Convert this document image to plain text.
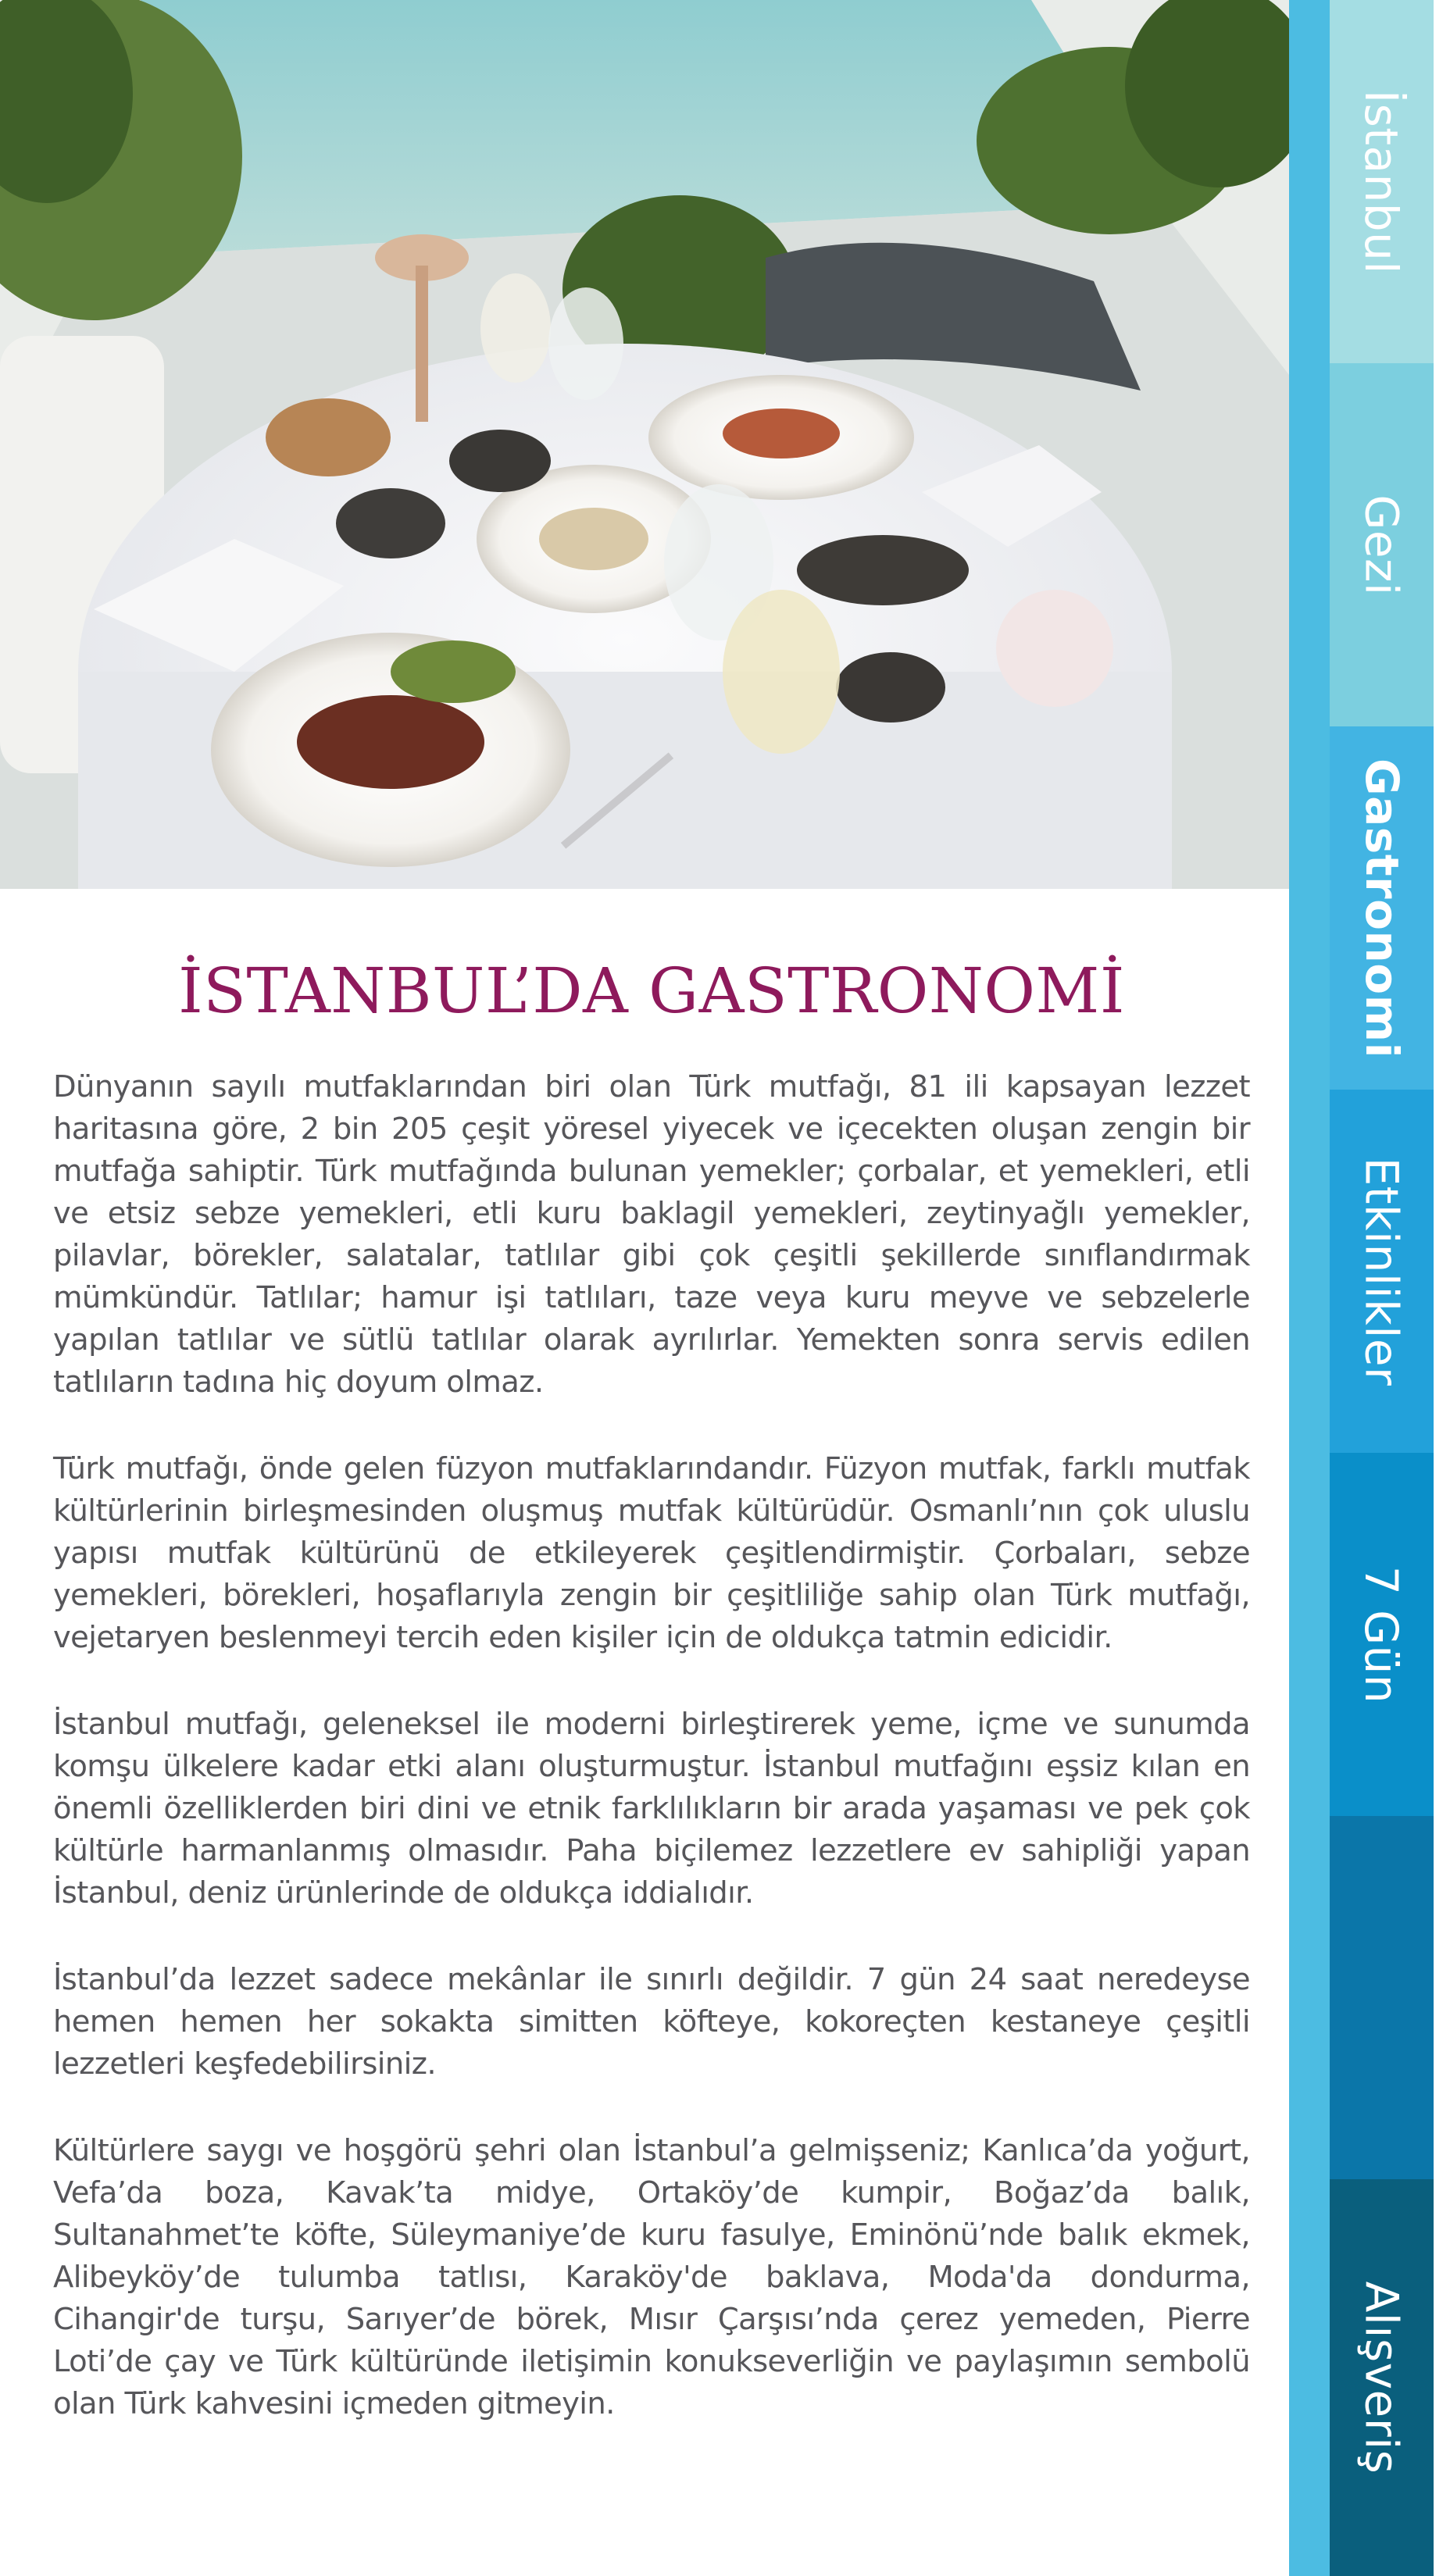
İstanbul
Gezi
Gastronomi
Etkinlikler
7 Gün
Alışveriş
İSTANBUL’DA GASTRONOMİ

Dünyanın sayılı mutfaklarından biri olan Türk mutfağı, 81 ili kapsayan lezzet haritasına göre, 2 bin 205 çeşit yöresel yiyecek ve içecekten oluşan zengin bir mutfağa sahiptir. Türk mutfağında bulunan yemekler; çorbalar, et yemekleri, etli ve etsiz sebze yemekleri, etli kuru baklagil yemekleri, zeytinyağlı yemekler, pilavlar, börekler, salatalar, tatlılar gibi çok çeşitli şekillerde sınıflandırmak mümkündür. Tatlılar; hamur işi tatlıları, taze veya kuru meyve ve sebzelerle yapılan tatlılar ve sütlü tatlılar olarak ayrılırlar. Yemekten sonra servis edilen tatlıların tadına hiç doyum olmaz.

Türk mutfağı, önde gelen füzyon mutfaklarındandır. Füzyon mutfak, farklı mutfak kültürlerinin birleşmesinden oluşmuş mutfak kültürüdür. Osmanlı’nın çok uluslu yapısı mutfak kültürünü de etkileyerek çeşitlendirmiştir. Çorbaları, sebze yemekleri, börekleri, hoşaflarıyla zengin bir çeşitliliğe sahip olan Türk mutfağı, vejetaryen beslenmeyi tercih eden kişiler için de oldukça tatmin edicidir.

İstanbul mutfağı, geleneksel ile moderni birleştirerek yeme, içme ve sunumda komşu ülkelere kadar etki alanı oluşturmuştur. İstanbul mutfağını eşsiz kılan en önemli özelliklerden biri dini ve etnik farklılıkların bir arada yaşaması ve pek çok kültürle harmanlanmış olmasıdır. Paha biçilemez lezzetlere ev sahipliği yapan İstanbul, deniz ürünlerinde de oldukça iddialıdır.

İstanbul’da lezzet sadece mekânlar ile sınırlı değildir. 7 gün 24 saat neredeyse hemen hemen her sokakta simitten köfteye, kokoreçten kestaneye çeşitli lezzetleri keşfedebilirsiniz.

Kültürlere saygı ve hoşgörü şehri olan İstanbul’a gelmişseniz; Kanlıca’da yoğurt, Vefa’da boza, Kavak’ta midye, Ortaköy’de kumpir, Boğaz’da balık, Sultanahmet’te köfte, Süleymaniye’de kuru fasulye, Eminönü’nde balık ekmek, Alibeyköy’de tulumba tatlısı, Karaköy'de baklava, Moda'da dondurma, Cihangir'de turşu, Sarıyer’de börek, Mısır Çarşısı’nda çerez yemeden, Pierre Loti’de çay ve Türk kültüründe iletişimin konukseverliğin ve paylaşımın sembolü olan Türk kahvesini içmeden gitmeyin.
